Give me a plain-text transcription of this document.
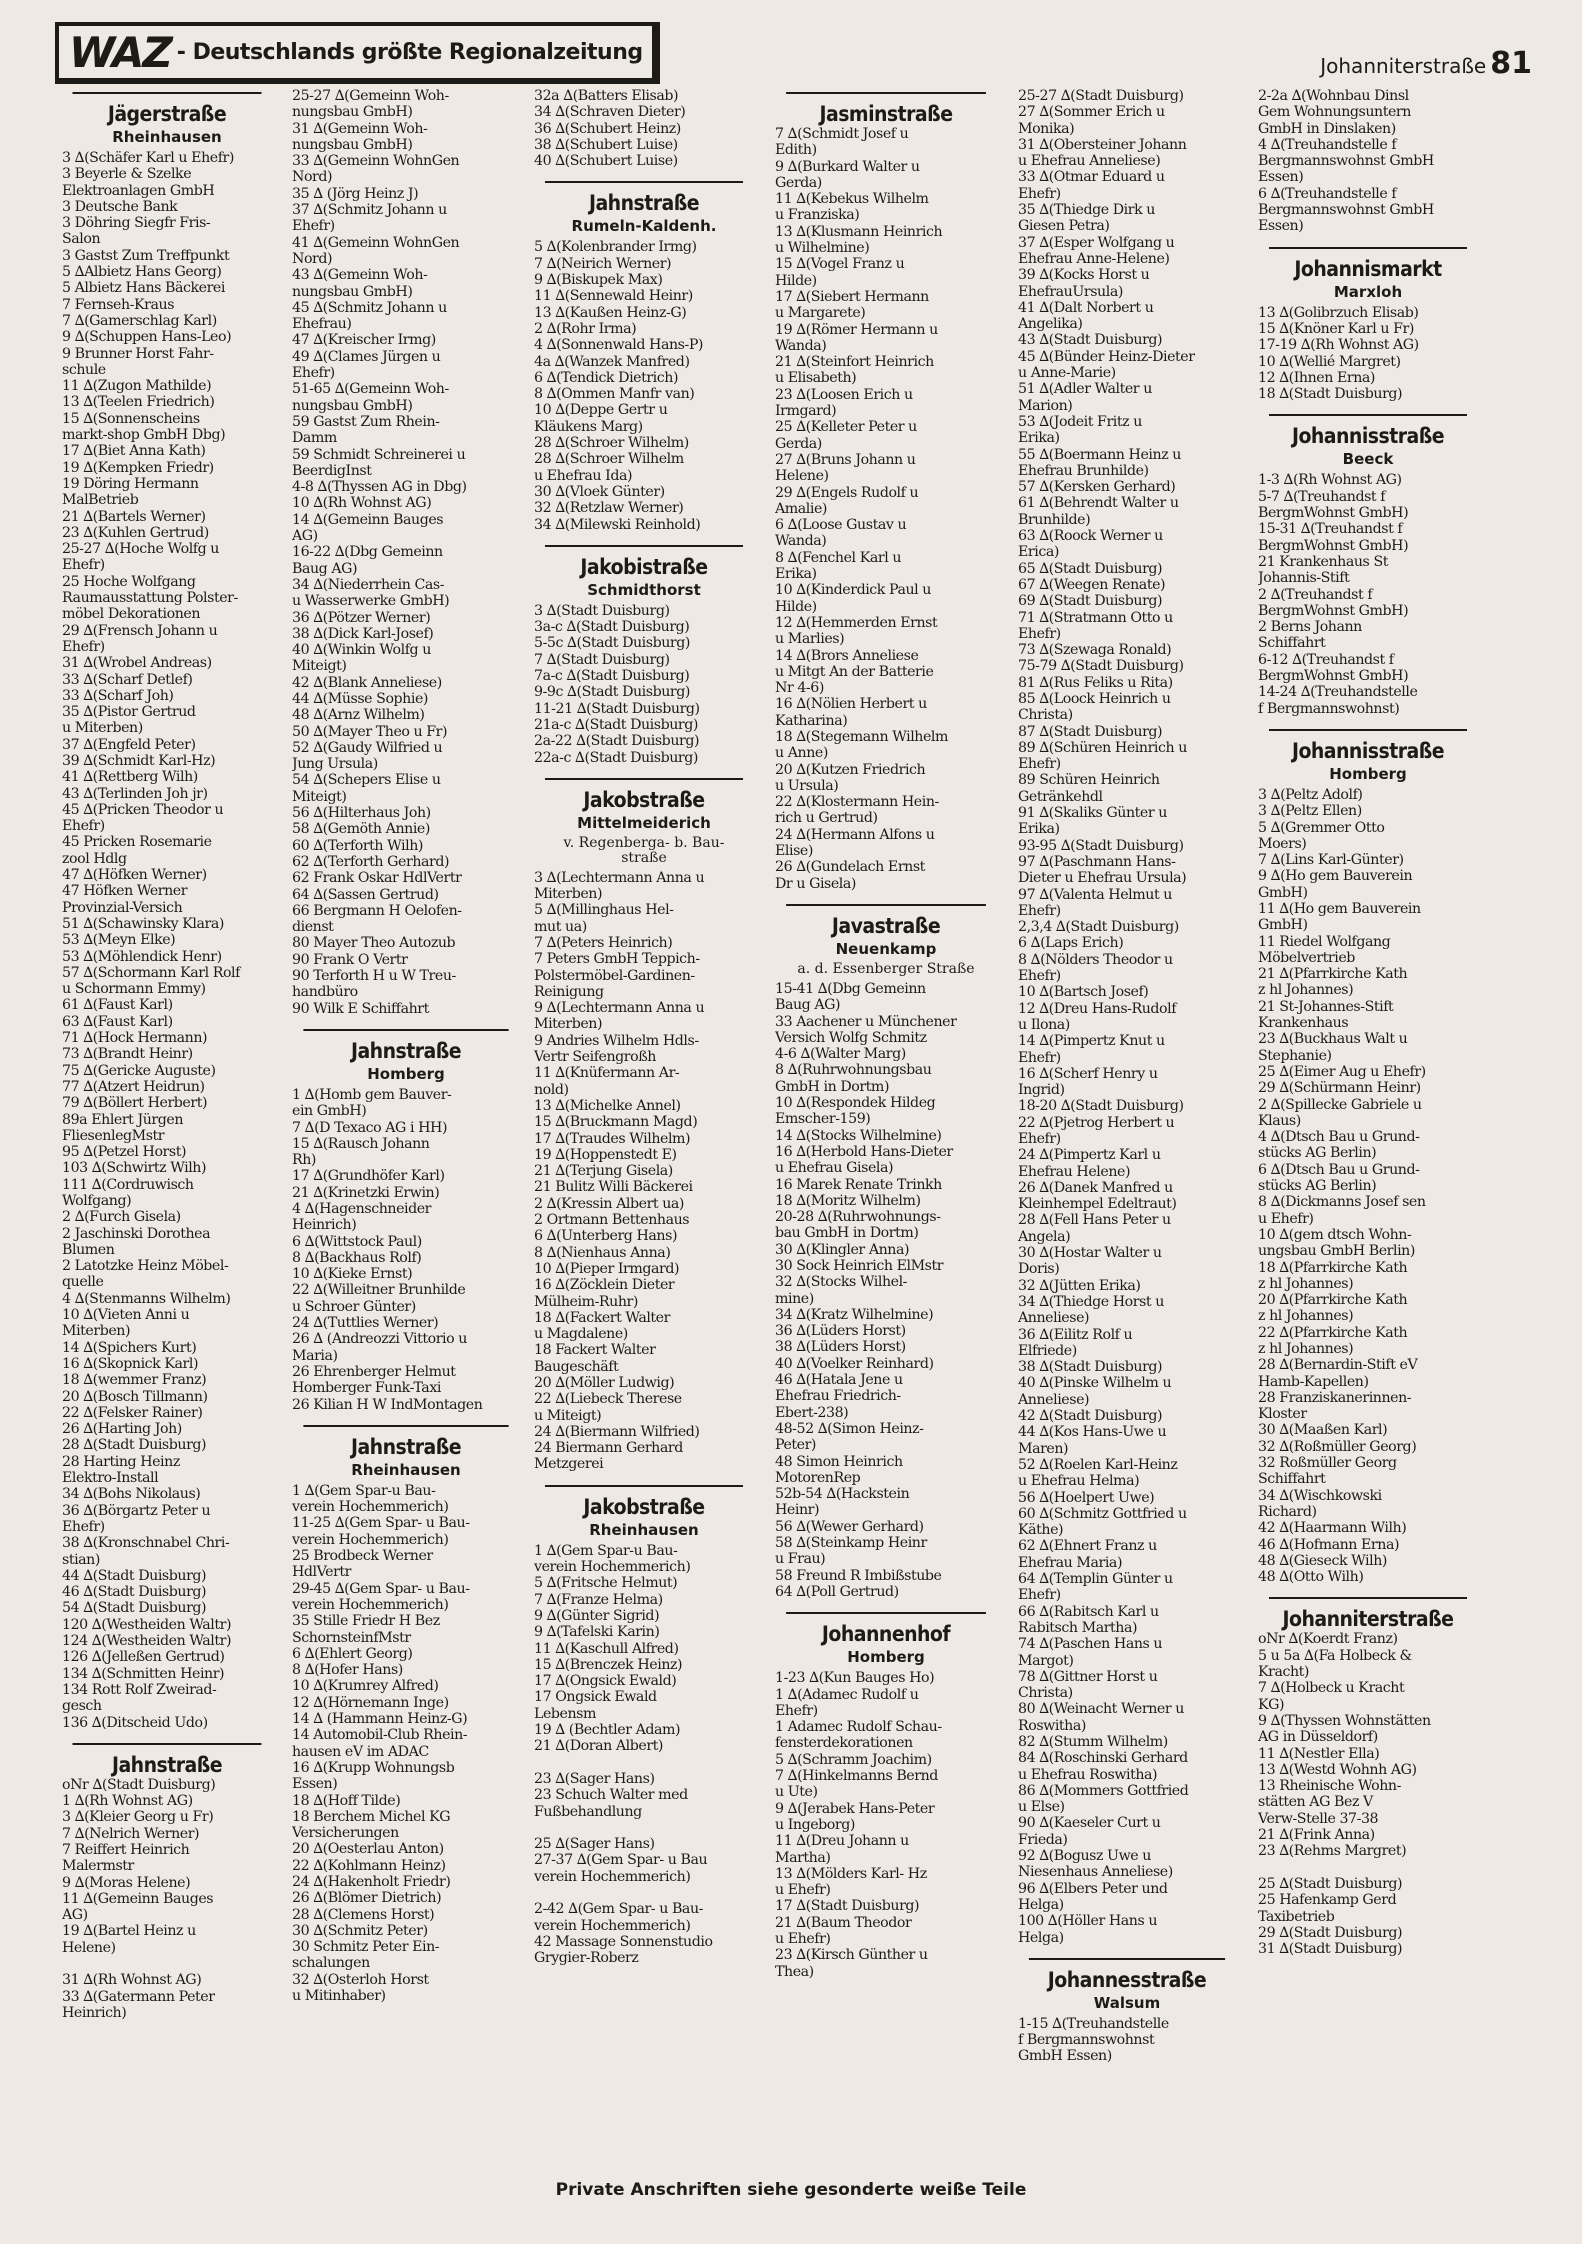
WAZ - Deutschlands größte Regionalzeitung
Johanniterstraße 81
Jägerstraße
Rheinhausen
3 ∆(Schäfer Karl u Ehefr)
3 Beyerle & Szelke
Elektroanlagen GmbH
3 Deutsche Bank
3 Döhring Siegfr Fris-
Salon
3 Gastst Zum Treffpunkt
5 ∆Albietz Hans Georg)
5 Albietz Hans Bäckerei
7 Fernseh-Kraus
7 ∆(Gamerschlag Karl)
9 ∆(Schuppen Hans-Leo)
9 Brunner Horst Fahr-
schule
11 ∆(Zugon Mathilde)
13 ∆(Teelen Friedrich)
15 ∆(Sonnenscheins
markt-shop GmbH Dbg)
17 ∆(Biet Anna Kath)
19 ∆(Kempken Friedr)
19 Döring Hermann
MalBetrieb
21 ∆(Bartels Werner)
23 ∆(Kuhlen Gertrud)
25-27 ∆(Hoche Wolfg u
Ehefr)
25 Hoche Wolfgang
Raumausstattung Polster-
möbel Dekorationen
29 ∆(Frensch Johann u
Ehefr)
31 ∆(Wrobel Andreas)
33 ∆(Scharf Detlef)
33 ∆(Scharf Joh)
35 ∆(Pistor Gertrud
u Miterben)
37 ∆(Engfeld Peter)
39 ∆(Schmidt Karl-Hz)
41 ∆(Rettberg Wilh)
43 ∆(Terlinden Joh jr)
45 ∆(Pricken Theodor u
Ehefr)
45 Pricken Rosemarie
zool Hdlg
47 ∆(Höfken Werner)
47 Höfken Werner
Provinzial-Versich
51 ∆(Schawinsky Klara)
53 ∆(Meyn Elke)
53 ∆(Möhlendick Henr)
57 ∆(Schormann Karl Rolf
u Schormann Emmy)
61 ∆(Faust Karl)
63 ∆(Faust Karl)
71 ∆(Hock Hermann)
73 ∆(Brandt Heinr)
75 ∆(Gericke Auguste)
77 ∆(Atzert Heidrun)
79 ∆(Böllert Herbert)
89a Ehlert Jürgen
FliesenlegMstr
95 ∆(Petzel Horst)
103 ∆(Schwirtz Wilh)
111 ∆(Cordruwisch
Wolfgang)
2 ∆(Furch Gisela)
2 Jaschinski Dorothea
Blumen
2 Latotzke Heinz Möbel-
quelle
4 ∆(Stenmanns Wilhelm)
10 ∆(Vieten Anni u
Miterben)
14 ∆(Spichers Kurt)
16 ∆(Skopnick Karl)
18 ∆(wemmer Franz)
20 ∆(Bosch Tillmann)
22 ∆(Felsker Rainer)
26 ∆(Harting Joh)
28 ∆(Stadt Duisburg)
28 Harting Heinz
Elektro-Install
34 ∆(Bohs Nikolaus)
36 ∆(Börgartz Peter u
Ehefr)
38 ∆(Kronschnabel Chri-
stian)
44 ∆(Stadt Duisburg)
46 ∆(Stadt Duisburg)
54 ∆(Stadt Duisburg)
120 ∆(Westheiden Waltr)
124 ∆(Westheiden Waltr)
126 ∆(Jelleßen Gertrud)
134 ∆(Schmitten Heinr)
134 Rott Rolf Zweirad-
gesch
136 ∆(Ditscheid Udo)
Jahnstraße
oNr ∆(Stadt Duisburg)
1 ∆(Rh Wohnst AG)
3 ∆(Kleier Georg u Fr)
7 ∆(Nelrich Werner)
7 Reiffert Heinrich
Malermstr
9 ∆(Moras Helene)
11 ∆(Gemeinn Bauges
AG)
19 ∆(Bartel Heinz u
Helene)

31 ∆(Rh Wohnst AG)
33 ∆(Gatermann Peter
Heinrich)
25-27 ∆(Gemeinn Woh-
nungsbau GmbH)
31 ∆(Gemeinn Woh-
nungsbau GmbH)
33 ∆(Gemeinn WohnGen
Nord)
35 ∆ (Jörg Heinz J)
37 ∆(Schmitz Johann u
Ehefr)
41 ∆(Gemeinn WohnGen
Nord)
43 ∆(Gemeinn Woh-
nungsbau GmbH)
45 ∆(Schmitz Johann u
Ehefrau)
47 ∆(Kreischer Irmg)
49 ∆(Clames Jürgen u
Ehefr)
51-65 ∆(Gemeinn Woh-
nungsbau GmbH)
59 Gastst Zum Rhein-
Damm
59 Schmidt Schreinerei u
BeerdigInst
4-8 ∆(Thyssen AG in Dbg)
10 ∆(Rh Wohnst AG)
14 ∆(Gemeinn Bauges
AG)
16-22 ∆(Dbg Gemeinn
Baug AG)
34 ∆(Niederrhein Cas-
u Wasserwerke GmbH)
36 ∆(Pötzer Werner)
38 ∆(Dick Karl-Josef)
40 ∆(Winkin Wolfg u
Miteigt)
42 ∆(Blank Anneliese)
44 ∆(Müsse Sophie)
48 ∆(Arnz Wilhelm)
50 ∆(Mayer Theo u Fr)
52 ∆(Gaudy Wilfried u
Jung Ursula)
54 ∆(Schepers Elise u
Miteigt)
56 ∆(Hilterhaus Joh)
58 ∆(Gemöth Annie)
60 ∆(Terforth Wilh)
62 ∆(Terforth Gerhard)
62 Frank Oskar HdlVertr
64 ∆(Sassen Gertrud)
66 Bergmann H Oelofen-
dienst
80 Mayer Theo Autozub
90 Frank O Vertr
90 Terforth H u W Treu-
handbüro
90 Wilk E Schiffahrt
Jahnstraße
Homberg
1 ∆(Homb gem Bauver-
ein GmbH)
7 ∆(D Texaco AG i HH)
15 ∆(Rausch Johann
Rh)
17 ∆(Grundhöfer Karl)
21 ∆(Krinetzki Erwin)
4 ∆(Hagenschneider
Heinrich)
6 ∆(Wittstock Paul)
8 ∆(Backhaus Rolf)
10 ∆(Kieke Ernst)
22 ∆(Willeitner Brunhilde
u Schroer Günter)
24 ∆(Tuttlies Werner)
26 ∆ (Andreozzi Vittorio u
Maria)
26 Ehrenberger Helmut
Homberger Funk-Taxi
26 Kilian H W IndMontagen
Jahnstraße
Rheinhausen
1 ∆(Gem Spar-u Bau-
verein Hochemmerich)
11-25 ∆(Gem Spar- u Bau-
verein Hochemmerich)
25 Brodbeck Werner
HdlVertr
29-45 ∆(Gem Spar- u Bau-
verein Hochemmerich)
35 Stille Friedr H Bez
SchornsteinfMstr
6 ∆(Ehlert Georg)
8 ∆(Hofer Hans)
10 ∆(Krumrey Alfred)
12 ∆(Hörnemann Inge)
14 ∆ (Hammann Heinz-G)
14 Automobil-Club Rhein-
hausen eV im ADAC
16 ∆(Krupp Wohnungsb
Essen)
18 ∆(Hoff Tilde)
18 Berchem Michel KG
Versicherungen
20 ∆(Oesterlau Anton)
22 ∆(Kohlmann Heinz)
24 ∆(Hakenholt Friedr)
26 ∆(Blömer Dietrich)
28 ∆(Clemens Horst)
30 ∆(Schmitz Peter)
30 Schmitz Peter Ein-
schalungen
32 ∆(Osterloh Horst
u Mitinhaber)
32a ∆(Batters Elisab)
34 ∆(Schraven Dieter)
36 ∆(Schubert Heinz)
38 ∆(Schubert Luise)
40 ∆(Schubert Luise)
Jahnstraße
Rumeln-Kaldenh.
5 ∆(Kolenbrander Irmg)
7 ∆(Neirich Werner)
9 ∆(Biskupek Max)
11 ∆(Sennewald Heinr)
13 ∆(Kaußen Heinz-G)
2 ∆(Rohr Irma)
4 ∆(Sonnenwald Hans-P)
4a ∆(Wanzek Manfred)
6 ∆(Tendick Dietrich)
8 ∆(Ommen Manfr van)
10 ∆(Deppe Gertr u
Kläukens Marg)
28 ∆(Schroer Wilhelm)
28 ∆(Schroer Wilhelm
u Ehefrau Ida)
30 ∆(Vloek Günter)
32 ∆(Retzlaw Werner)
34 ∆(Milewski Reinhold)
Jakobistraße
Schmidthorst
3 ∆(Stadt Duisburg)
3a-c ∆(Stadt Duisburg)
5-5c ∆(Stadt Duisburg)
7 ∆(Stadt Duisburg)
7a-c ∆(Stadt Duisburg)
9-9c ∆(Stadt Duisburg)
11-21 ∆(Stadt Duisburg)
21a-c ∆(Stadt Duisburg)
2a-22 ∆(Stadt Duisburg)
22a-c ∆(Stadt Duisburg)
Jakobstraße
Mittelmeiderich
v. Regenberga- b. Bau-
straße
3 ∆(Lechtermann Anna u
Miterben)
5 ∆(Millinghaus Hel-
mut ua)
7 ∆(Peters Heinrich)
7 Peters GmbH Teppich-
Polstermöbel-Gardinen-
Reinigung
9 ∆(Lechtermann Anna u
Miterben)
9 Andries Wilhelm Hdls-
Vertr Seifengroßh
11 ∆(Knüfermann Ar-
nold)
13 ∆(Michelke Annel)
15 ∆(Bruckmann Magd)
17 ∆(Traudes Wilhelm)
19 ∆(Hoppenstedt E)
21 ∆(Terjung Gisela)
21 Bulitz Willi Bäckerei
2 ∆(Kressin Albert ua)
2 Ortmann Bettenhaus
6 ∆(Unterberg Hans)
8 ∆(Nienhaus Anna)
10 ∆(Pieper Irmgard)
16 ∆(Zöcklein Dieter
Mülheim-Ruhr)
18 ∆(Fackert Walter
u Magdalene)
18 Fackert Walter
Baugeschäft
20 ∆(Möller Ludwig)
22 ∆(Liebeck Therese
u Miteigt)
24 ∆(Biermann Wilfried)
24 Biermann Gerhard
Metzgerei
Jakobstraße
Rheinhausen
1 ∆(Gem Spar-u Bau-
verein Hochemmerich)
5 ∆(Fritsche Helmut)
7 ∆(Franze Helma)
9 ∆(Günter Sigrid)
9 ∆(Tafelski Karin)
11 ∆(Kaschull Alfred)
15 ∆(Brenczek Heinz)
17 ∆(Ongsick Ewald)
17 Ongsick Ewald
Lebensm
19 ∆ (Bechtler Adam)
21 ∆(Doran Albert)

23 ∆(Sager Hans)
23 Schuch Walter med
Fußbehandlung

25 ∆(Sager Hans)
27-37 ∆(Gem Spar- u Bau
verein Hochemmerich)

2-42 ∆(Gem Spar- u Bau-
verein Hochemmerich)
42 Massage Sonnenstudio
Grygier-Roberz
Jasminstraße
7 ∆(Schmidt Josef u
Edith)
9 ∆(Burkard Walter u
Gerda)
11 ∆(Kebekus Wilhelm
u Franziska)
13 ∆(Klusmann Heinrich
u Wilhelmine)
15 ∆(Vogel Franz u
Hilde)
17 ∆(Siebert Hermann
u Margarete)
19 ∆(Römer Hermann u
Wanda)
21 ∆(Steinfort Heinrich
u Elisabeth)
23 ∆(Loosen Erich u
Irmgard)
25 ∆(Kelleter Peter u
Gerda)
27 ∆(Bruns Johann u
Helene)
29 ∆(Engels Rudolf u
Amalie)
6 ∆(Loose Gustav u
Wanda)
8 ∆(Fenchel Karl u
Erika)
10 ∆(Kinderdick Paul u
Hilde)
12 ∆(Hemmerden Ernst
u Marlies)
14 ∆(Brors Anneliese
u Mitgt An der Batterie
Nr 4-6)
16 ∆(Nölien Herbert u
Katharina)
18 ∆(Stegemann Wilhelm
u Anne)
20 ∆(Kutzen Friedrich
u Ursula)
22 ∆(Klostermann Hein-
rich u Gertrud)
24 ∆(Hermann Alfons u
Elise)
26 ∆(Gundelach Ernst
Dr u Gisela)
Javastraße
Neuenkamp
a. d. Essenberger Straße
15-41 ∆(Dbg Gemeinn
Baug AG)
33 Aachener u Münchener
Versich Wolfg Schmitz
4-6 ∆(Walter Marg)
8 ∆(Ruhrwohnungsbau
GmbH in Dortm)
10 ∆(Respondek Hildeg
Emscher-159)
14 ∆(Stocks Wilhelmine)
16 ∆(Herbold Hans-Dieter
u Ehefrau Gisela)
16 Marek Renate Trinkh
18 ∆(Moritz Wilhelm)
20-28 ∆(Ruhrwohnungs-
bau GmbH in Dortm)
30 ∆(Klingler Anna)
30 Sock Heinrich ElMstr
32 ∆(Stocks Wilhel-
mine)
34 ∆(Kratz Wilhelmine)
36 ∆(Lüders Horst)
38 ∆(Lüders Horst)
40 ∆(Voelker Reinhard)
46 ∆(Hatala Jene u
Ehefrau Friedrich-
Ebert-238)
48-52 ∆(Simon Heinz-
Peter)
48 Simon Heinrich
MotorenRep
52b-54 ∆(Hackstein
Heinr)
56 ∆(Wewer Gerhard)
58 ∆(Steinkamp Heinr
u Frau)
58 Freund R Imbißstube
64 ∆(Poll Gertrud)
Johannenhof
Homberg
1-23 ∆(Kun Bauges Ho)
1 ∆(Adamec Rudolf u
Ehefr)
1 Adamec Rudolf Schau-
fensterdekorationen
5 ∆(Schramm Joachim)
7 ∆(Hinkelmanns Bernd
u Ute)
9 ∆(Jerabek Hans-Peter
u Ingeborg)
11 ∆(Dreu Johann u
Martha)
13 ∆(Mölders Karl- Hz
u Ehefr)
17 ∆(Stadt Duisburg)
21 ∆(Baum Theodor
u Ehefr)
23 ∆(Kirsch Günther u
Thea)
25-27 ∆(Stadt Duisburg)
27 ∆(Sommer Erich u
Monika)
31 ∆(Obersteiner Johann
u Ehefrau Anneliese)
33 ∆(Otmar Eduard u
Ehefr)
35 ∆(Thiedge Dirk u
Giesen Petra)
37 ∆(Esper Wolfgang u
Ehefrau Anne-Helene)
39 ∆(Kocks Horst u
EhefrauUrsula)
41 ∆(Dalt Norbert u
Angelika)
43 ∆(Stadt Duisburg)
45 ∆(Bünder Heinz-Dieter
u Anne-Marie)
51 ∆(Adler Walter u
Marion)
53 ∆(Jodeit Fritz u
Erika)
55 ∆(Boermann Heinz u
Ehefrau Brunhilde)
57 ∆(Kersken Gerhard)
61 ∆(Behrendt Walter u
Brunhilde)
63 ∆(Roock Werner u
Erica)
65 ∆(Stadt Duisburg)
67 ∆(Weegen Renate)
69 ∆(Stadt Duisburg)
71 ∆(Stratmann Otto u
Ehefr)
73 ∆(Szewaga Ronald)
75-79 ∆(Stadt Duisburg)
81 ∆(Rus Feliks u Rita)
85 ∆(Loock Heinrich u
Christa)
87 ∆(Stadt Duisburg)
89 ∆(Schüren Heinrich u
Ehefr)
89 Schüren Heinrich
Getränkehdl
91 ∆(Skaliks Günter u
Erika)
93-95 ∆(Stadt Duisburg)
97 ∆(Paschmann Hans-
Dieter u Ehefrau Ursula)
97 ∆(Valenta Helmut u
Ehefr)
2,3,4 ∆(Stadt Duisburg)
6 ∆(Laps Erich)
8 ∆(Nölders Theodor u
Ehefr)
10 ∆(Bartsch Josef)
12 ∆(Dreu Hans-Rudolf
u Ilona)
14 ∆(Pimpertz Knut u
Ehefr)
16 ∆(Scherf Henry u
Ingrid)
18-20 ∆(Stadt Duisburg)
22 ∆(Pjetrog Herbert u
Ehefr)
24 ∆(Pimpertz Karl u
Ehefrau Helene)
26 ∆(Danek Manfred u
Kleinhempel Edeltraut)
28 ∆(Fell Hans Peter u
Angela)
30 ∆(Hostar Walter u
Doris)
32 ∆(Jütten Erika)
34 ∆(Thiedge Horst u
Anneliese)
36 ∆(Eilitz Rolf u
Elfriede)
38 ∆(Stadt Duisburg)
40 ∆(Pinske Wilhelm u
Anneliese)
42 ∆(Stadt Duisburg)
44 ∆(Kos Hans-Uwe u
Maren)
52 ∆(Roelen Karl-Heinz
u Ehefrau Helma)
56 ∆(Hoelpert Uwe)
60 ∆(Schmitz Gottfried u
Käthe)
62 ∆(Ehnert Franz u
Ehefrau Maria)
64 ∆(Templin Günter u
Ehefr)
66 ∆(Rabitsch Karl u
Rabitsch Martha)
74 ∆(Paschen Hans u
Margot)
78 ∆(Gittner Horst u
Christa)
80 ∆(Weinacht Werner u
Roswitha)
82 ∆(Stumm Wilhelm)
84 ∆(Roschinski Gerhard
u Ehefrau Roswitha)
86 ∆(Mommers Gottfried
u Else)
90 ∆(Kaeseler Curt u
Frieda)
92 ∆(Bogusz Uwe u
Niesenhaus Anneliese)
96 ∆(Elbers Peter und
Helga)
100 ∆(Höller Hans u
Helga)
Johannesstraße
Walsum
1-15 ∆(Treuhandstelle
f Bergmannswohnst
GmbH Essen)
2-2a ∆(Wohnbau Dinsl
Gem Wohnungsuntern
GmbH in Dinslaken)
4 ∆(Treuhandstelle f
Bergmannswohnst GmbH
Essen)
6 ∆(Treuhandstelle f
Bergmannswohnst GmbH
Essen)
Johannismarkt
Marxloh
13 ∆(Golibrzuch Elisab)
15 ∆(Knöner Karl u Fr)
17-19 ∆(Rh Wohnst AG)
10 ∆(Wellié Margret)
12 ∆(Ihnen Erna)
18 ∆(Stadt Duisburg)
Johannisstraße
Beeck
1-3 ∆(Rh Wohnst AG)
5-7 ∆(Treuhandst f
BergmWohnst GmbH)
15-31 ∆(Treuhandst f
BergmWohnst GmbH)
21 Krankenhaus St
Johannis-Stift
2 ∆(Treuhandst f
BergmWohnst GmbH)
2 Berns Johann
Schiffahrt
6-12 ∆(Treuhandst f
BergmWohnst GmbH)
14-24 ∆(Treuhandstelle
f Bergmannswohnst)
Johannisstraße
Homberg
3 ∆(Peltz Adolf)
3 ∆(Peltz Ellen)
5 ∆(Gremmer Otto
Moers)
7 ∆(Lins Karl-Günter)
9 ∆(Ho gem Bauverein
GmbH)
11 ∆(Ho gem Bauverein
GmbH)
11 Riedel Wolfgang
Möbelvertrieb
21 ∆(Pfarrkirche Kath
z hl Johannes)
21 St-Johannes-Stift
Krankenhaus
23 ∆(Buckhaus Walt u
Stephanie)
25 ∆(Eimer Aug u Ehefr)
29 ∆(Schürmann Heinr)
2 ∆(Spillecke Gabriele u
Klaus)
4 ∆(Dtsch Bau u Grund-
stücks AG Berlin)
6 ∆(Dtsch Bau u Grund-
stücks AG Berlin)
8 ∆(Dickmanns Josef sen
u Ehefr)
10 ∆(gem dtsch Wohn-
ungsbau GmbH Berlin)
18 ∆(Pfarrkirche Kath
z hl Johannes)
20 ∆(Pfarrkirche Kath
z hl Johannes)
22 ∆(Pfarrkirche Kath
z hl Johannes)
28 ∆(Bernardin-Stift eV
Hamb-Kapellen)
28 Franziskanerinnen-
Kloster
30 ∆(Maaßen Karl)
32 ∆(Roßmüller Georg)
32 Roßmüller Georg
Schiffahrt
34 ∆(Wischkowski
Richard)
42 ∆(Haarmann Wilh)
46 ∆(Hofmann Erna)
48 ∆(Gieseck Wilh)
48 ∆(Otto Wilh)
Johanniterstraße
oNr ∆(Koerdt Franz)
5 u 5a ∆(Fa Holbeck &
Kracht)
7 ∆(Holbeck u Kracht
KG)
9 ∆(Thyssen Wohnstätten
AG in Düsseldorf)
11 ∆(Nestler Ella)
13 ∆(Westd Wohnh AG)
13 Rheinische Wohn-
stätten AG Bez V
Verw-Stelle 37-38
21 ∆(Frink Anna)
23 ∆(Rehms Margret)

25 ∆(Stadt Duisburg)
25 Hafenkamp Gerd
Taxibetrieb
29 ∆(Stadt Duisburg)
31 ∆(Stadt Duisburg)
Private Anschriften siehe gesonderte weiße Teile
